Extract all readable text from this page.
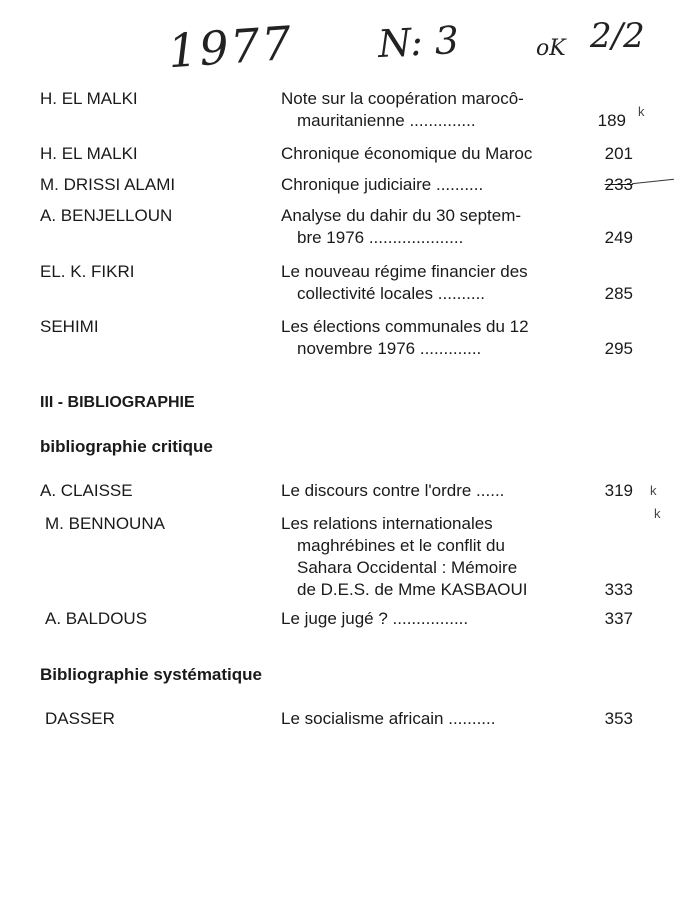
1977 N: 3	oK 2/2
H. EL MALKI	Note sur la coopération marocô-
mauritanienne ..............	189
H. EL MALKI	Chronique économique du Maroc	201
M. DRISSI ALAMI	Chronique judiciaire ..........	233
A. BENJELLOUN	Analyse du dahir du 30 septem-
bre 1976 ....................	249
EL. K. FIKRI	Le nouveau régime financier des
collectivité locales ..........	285
SEHIMI	Les élections communales du 12
novembre 1976 .............	295
III - BIBLIOGRAPHIE
bibliographie critique
A. CLAISSE	Le discours contre l'ordre ......	319
M. BENNOUNA	Les relations internationales
maghrébines et le conflit du
Sahara Occidental : Mémoire
de D.E.S. de Mme KASBAOUI	333
A. BALDOUS	Le juge jugé ? ................	337
Bibliographie systématique
DASSER	Le socialisme africain ..........	353
k
k
k
